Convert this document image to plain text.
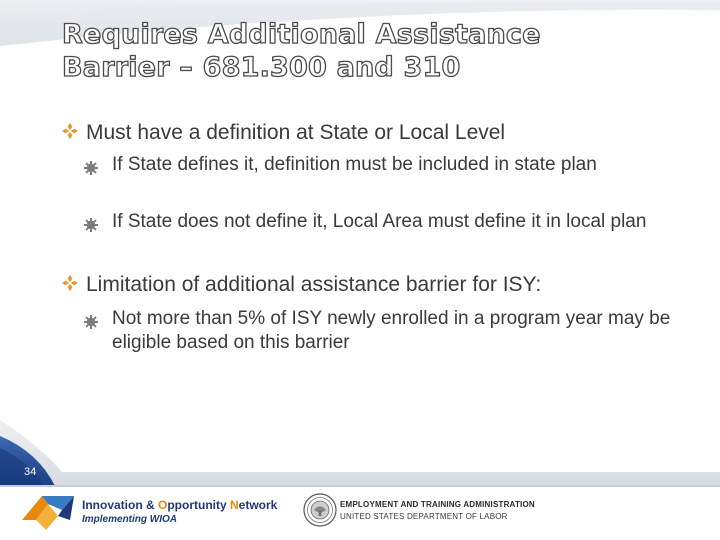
Requires Additional Assistance
Barrier – 681.300 and 310
Must have a definition at State or Local Level
If State defines it, definition must be included in state plan
If State does not define it, Local Area must define it in local plan
Limitation of additional assistance barrier for ISY:
Not more than 5% of ISY newly enrolled in a program year may be eligible based on this barrier
34
Innovation & Opportunity Network
Implementing WIOA
EMPLOYMENT AND TRAINING ADMINISTRATION
UNITED STATES DEPARTMENT OF LABOR
